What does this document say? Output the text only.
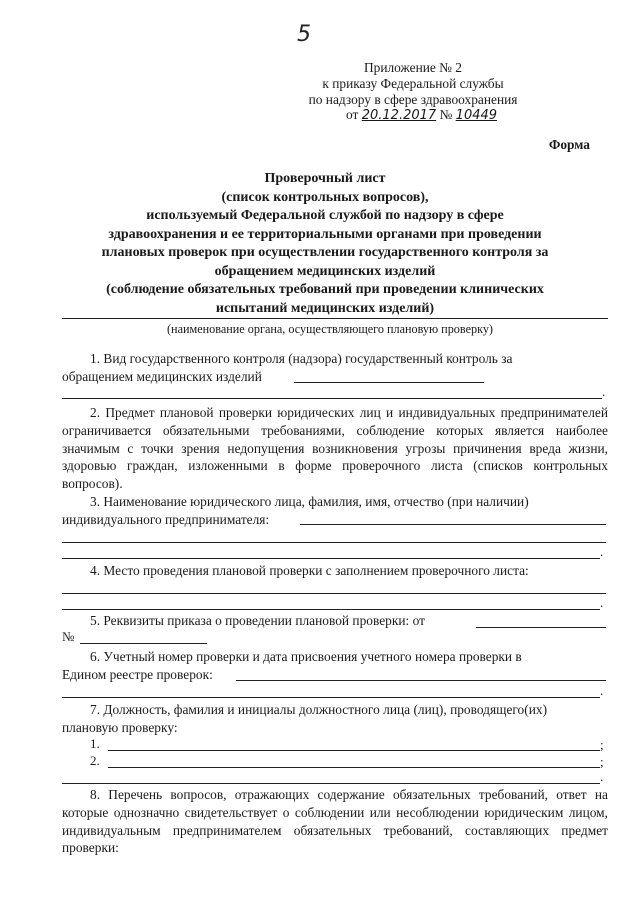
5
Приложение № 2
к приказу Федеральной службы
по надзору в сфере здравоохранения
от 20.12.2017 № 10449
Форма
Проверочный лист
(список контрольных вопросов),
используемый Федеральной службой по надзору в сфере
здравоохранения и ее территориальными органами при проведении
плановых проверок при осуществлении государственного контроля за
обращением медицинских изделий
(соблюдение обязательных требований при проведении клинических
испытаний медицинских изделий)
(наименование органа, осуществляющего плановую проверку)
1. Вид государственного контроля (надзора) государственный контроль за
обращением медицинских изделий
.
2. Предмет плановой проверки юридических лиц и индивидуальных предпринимателей ограничивается обязательными требованиями, соблюдение которых является наиболее значимым с точки зрения недопущения возникновения угрозы причинения вреда жизни, здоровью граждан, изложенными в форме проверочного листа (списков контрольных вопросов).
3. Наименование юридического лица, фамилия, имя, отчество (при наличии)
индивидуального предпринимателя:
.
4. Место проведения плановой проверки с заполнением проверочного листа:
.
5. Реквизиты приказа о проведении плановой проверки: от
№
6. Учетный номер проверки и дата присвоения учетного номера проверки в
Едином реестре проверок:
.
7. Должность, фамилия и инициалы должностного лица (лиц), проводящего(их)
плановую проверку:
1.	;
2.	;
.
8. Перечень вопросов, отражающих содержание обязательных требований, ответ на которые однозначно свидетельствует о соблюдении или несоблюдении юридическим лицом, индивидуальным предпринимателем обязательных требований, составляющих предмет проверки:
